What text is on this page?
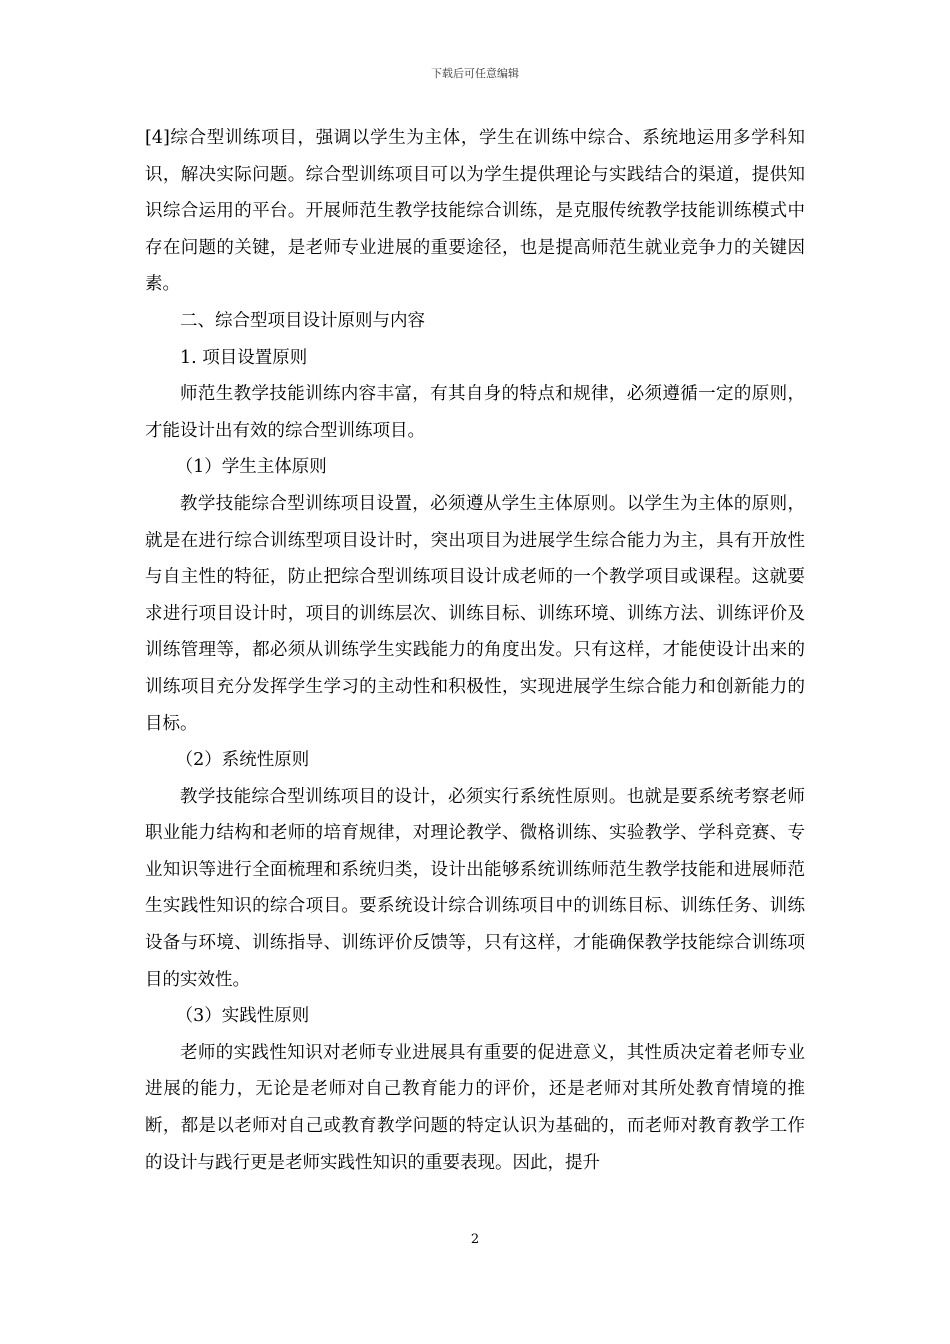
下载后可任意编辑

[4]综合型训练项目，强调以学生为主体，学生在训练中综合、系统地运用多学科知识，解决实际问题。综合型训练项目可以为学生提供理论与实践结合的渠道，提供知识综合运用的平台。开展师范生教学技能综合训练，是克服传统教学技能训练模式中存在问题的关键，是老师专业进展的重要途径，也是提高师范生就业竞争力的关键因素。

二、综合型项目设计原则与内容

1. 项目设置原则

师范生教学技能训练内容丰富，有其自身的特点和规律，必须遵循一定的原则，才能设计出有效的综合型训练项目。

（1）学生主体原则

教学技能综合型训练项目设置，必须遵从学生主体原则。以学生为主体的原则，就是在进行综合训练型项目设计时，突出项目为进展学生综合能力为主，具有开放性与自主性的特征，防止把综合型训练项目设计成老师的一个教学项目或课程。这就要求进行项目设计时，项目的训练层次、训练目标、训练环境、训练方法、训练评价及训练管理等，都必须从训练学生实践能力的角度出发。只有这样，才能使设计出来的训练项目充分发挥学生学习的主动性和积极性，实现进展学生综合能力和创新能力的目标。

（2）系统性原则

教学技能综合型训练项目的设计，必须实行系统性原则。也就是要系统考察老师职业能力结构和老师的培育规律，对理论教学、微格训练、实验教学、学科竞赛、专业知识等进行全面梳理和系统归类，设计出能够系统训练师范生教学技能和进展师范生实践性知识的综合项目。要系统设计综合训练项目中的训练目标、训练任务、训练设备与环境、训练指导、训练评价反馈等，只有这样，才能确保教学技能综合训练项目的实效性。

（3）实践性原则

老师的实践性知识对老师专业进展具有重要的促进意义，其性质决定着老师专业进展的能力，无论是老师对自己教育能力的评价，还是老师对其所处教育情境的推断，都是以老师对自己或教育教学问题的特定认识为基础的，而老师对教育教学工作的设计与践行更是老师实践性知识的重要表现。因此，提升

2
